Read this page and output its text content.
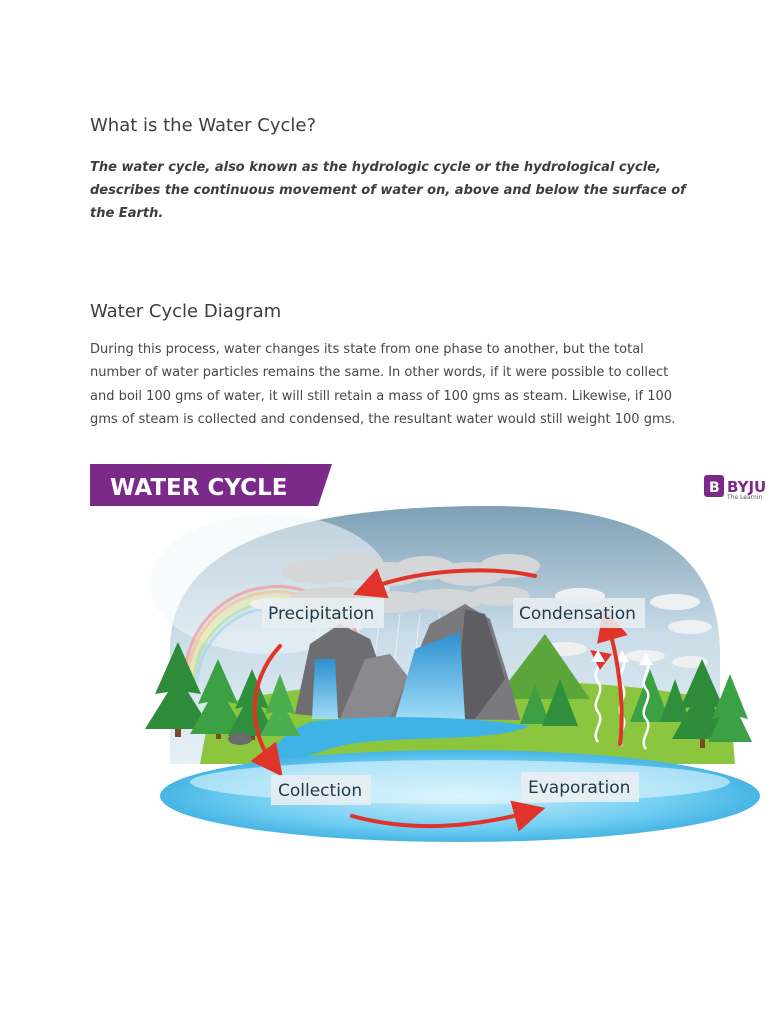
What is the Water Cycle?

The water cycle, also known as the hydrologic cycle or the hydrological cycle, describes the continuous movement of water on, above and below the surface of the Earth.

Water Cycle Diagram

During this process, water changes its state from one phase to another, but the total number of water particles remains the same. In other words, if it were possible to collect and boil 100 gms of water, it will still retain a mass of 100 gms as steam. Likewise, if 100 gms of steam is collected and condensed, the resultant water would still weight 100 gms.

WATER CYCLE	B BYJU
The Learnin
Precipitation	Condensation
Collection	Evaporation
